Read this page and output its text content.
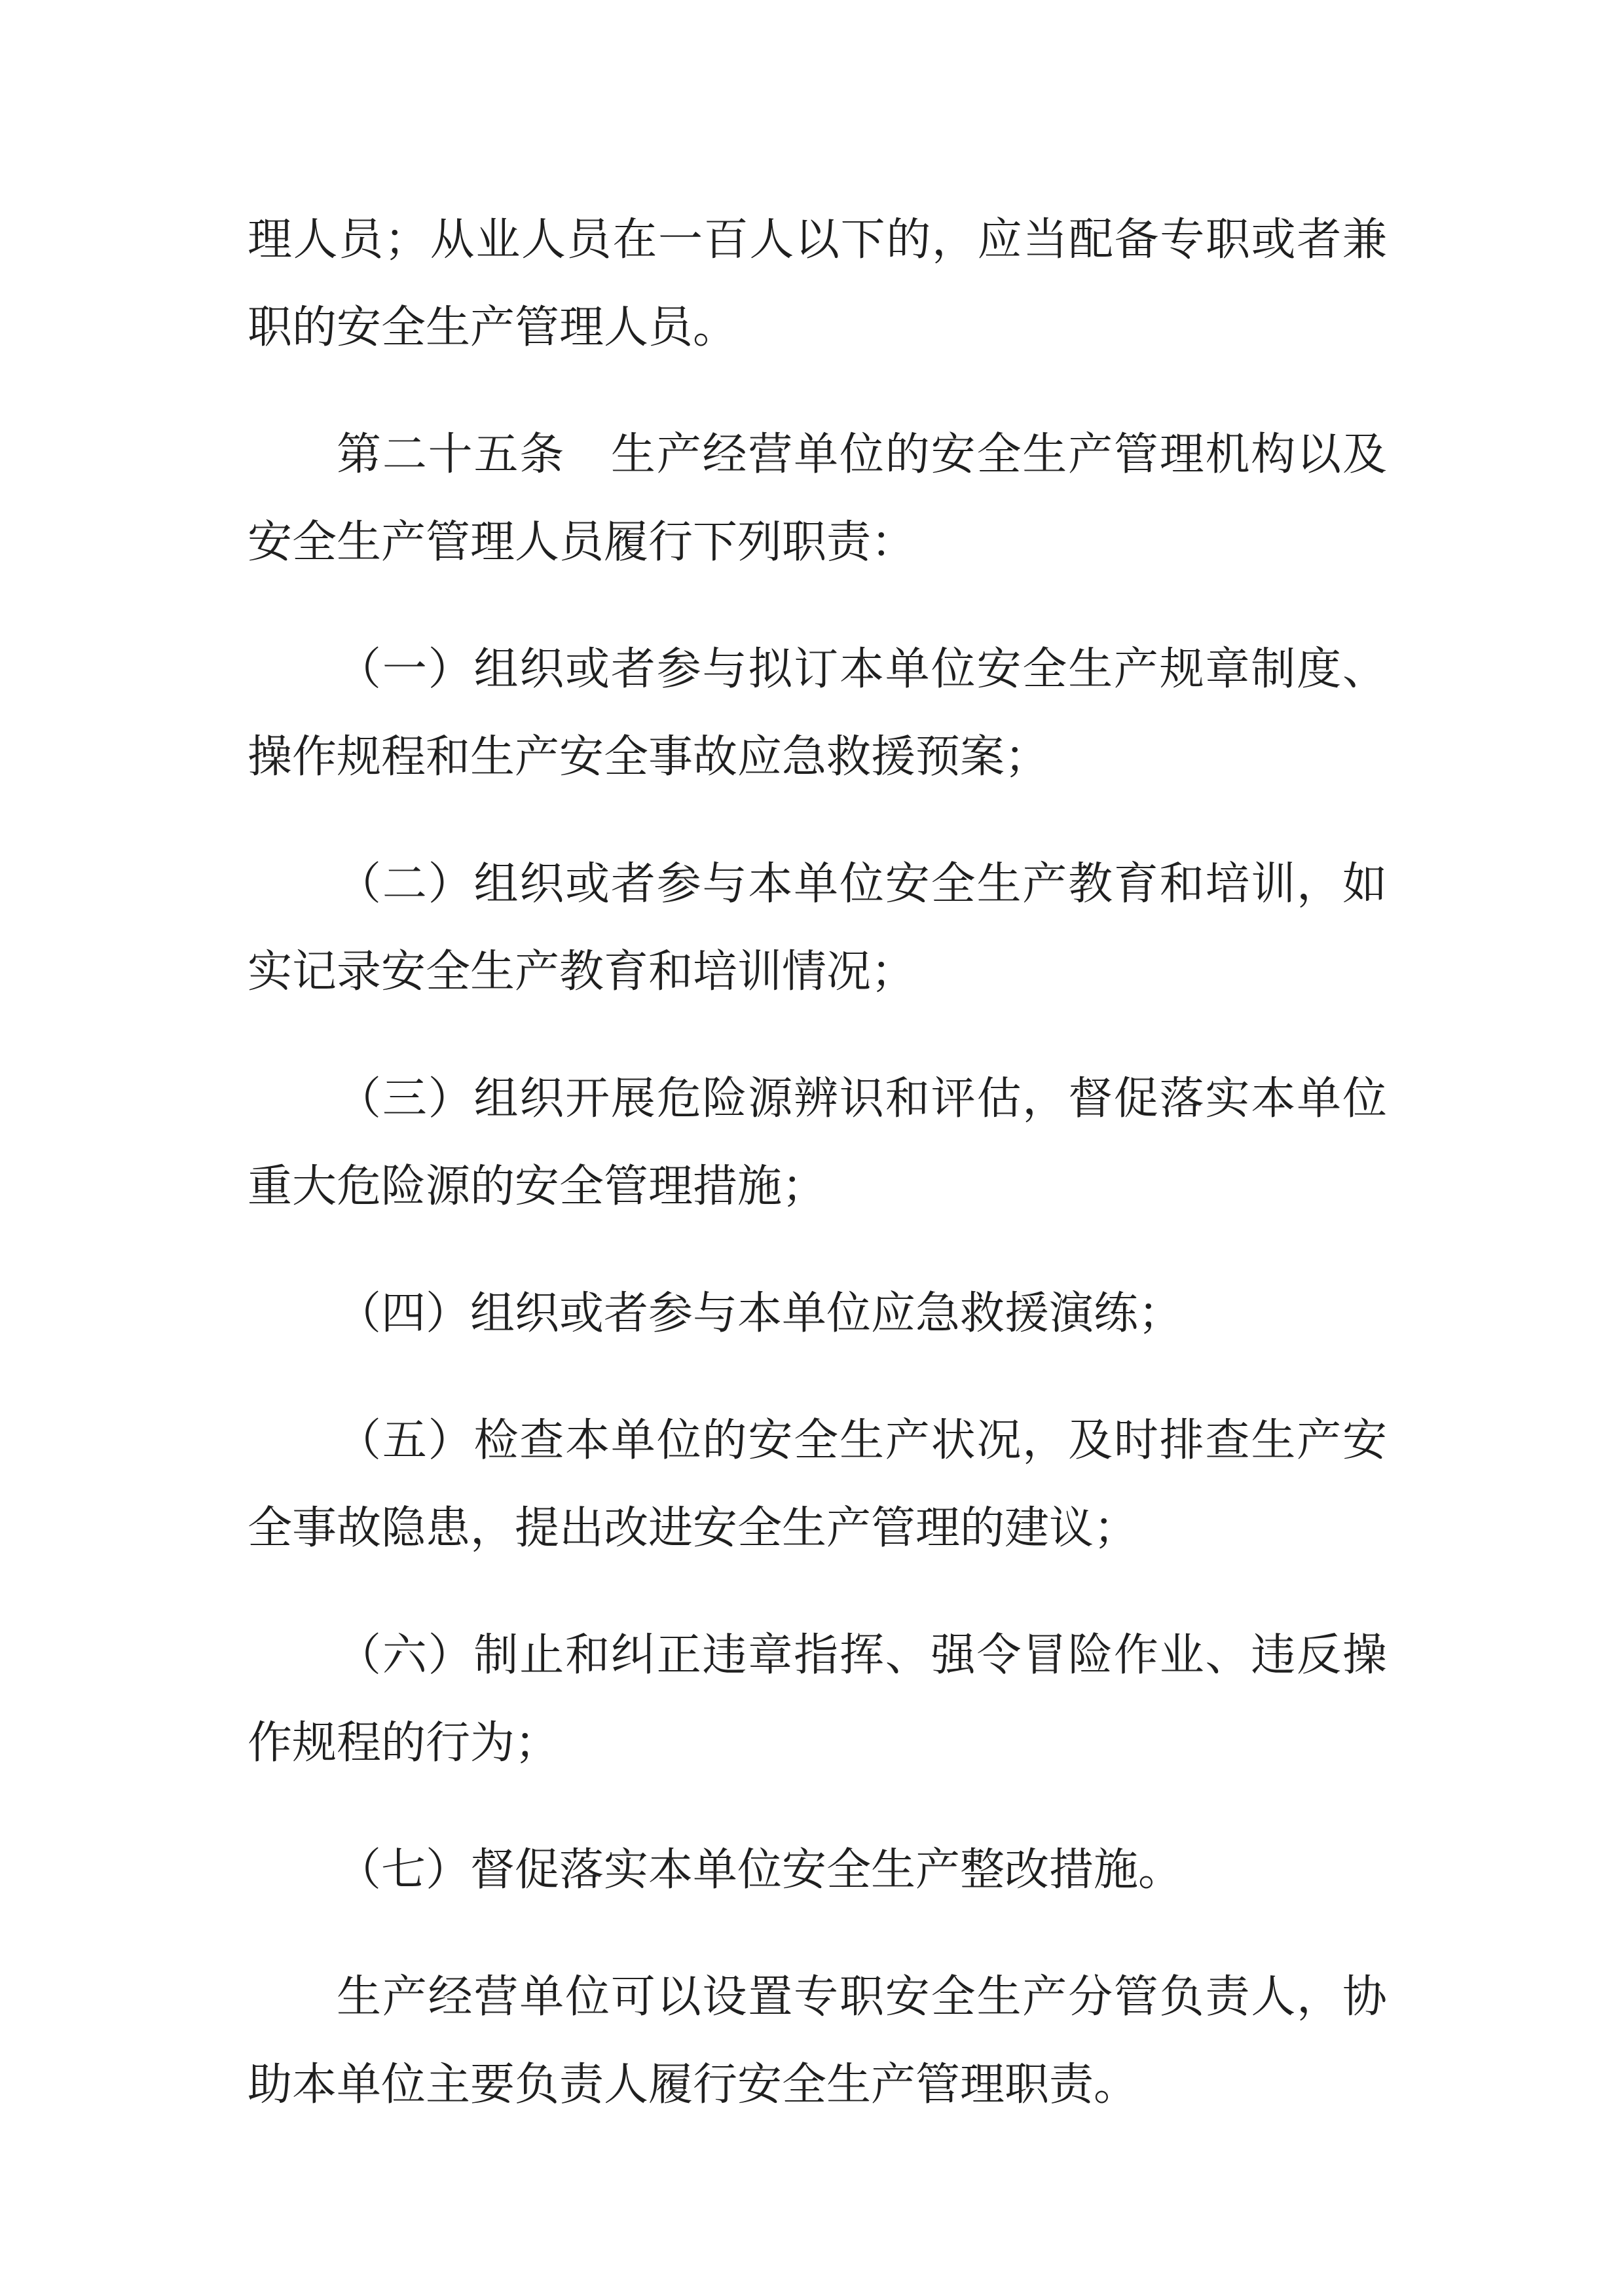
理人员；从业人员在一百人以下的，应当配备专职或者兼职的安全生产管理人员。

第二十五条 生产经营单位的安全生产管理机构以及安全生产管理人员履行下列职责：

（一）组织或者参与拟订本单位安全生产规章制度、操作规程和生产安全事故应急救援预案；

（二）组织或者参与本单位安全生产教育和培训，如实记录安全生产教育和培训情况；

（三）组织开展危险源辨识和评估，督促落实本单位重大危险源的安全管理措施；

（四）组织或者参与本单位应急救援演练；

（五）检查本单位的安全生产状况，及时排查生产安全事故隐患，提出改进安全生产管理的建议；

（六）制止和纠正违章指挥、强令冒险作业、违反操作规程的行为；

（七）督促落实本单位安全生产整改措施。

生产经营单位可以设置专职安全生产分管负责人，协助本单位主要负责人履行安全生产管理职责。
